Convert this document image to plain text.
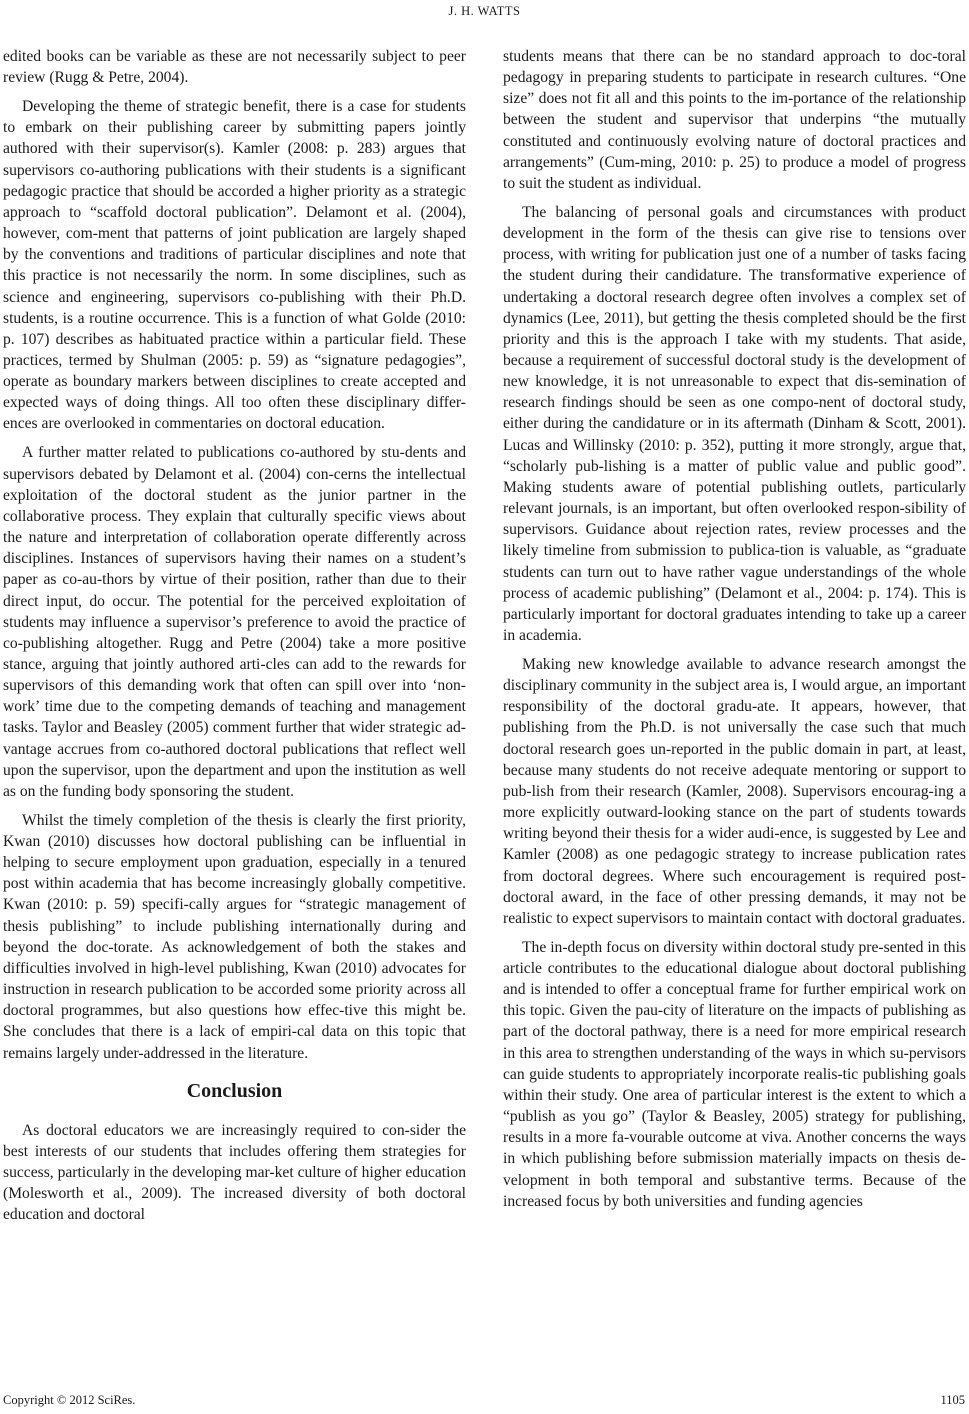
J. H. WATTS

edited books can be variable as these are not necessarily subject to peer review (Rugg & Petre, 2004).

Developing the theme of strategic benefit, there is a case for students to embark on their publishing career by submitting papers jointly authored with their supervisor(s). Kamler (2008: p. 283) argues that supervisors co-authoring publications with their students is a significant pedagogic practice that should be accorded a higher priority as a strategic approach to “scaffold doctoral publication”. Delamont et al. (2004), however, com-ment that patterns of joint publication are largely shaped by the conventions and traditions of particular disciplines and note that this practice is not necessarily the norm. In some disciplines, such as science and engineering, supervisors co-publishing with their Ph.D. students, is a routine occurrence. This is a function of what Golde (2010: p. 107) describes as habituated practice within a particular field. These practices, termed by Shulman (2005: p. 59) as “signature pedagogies”, operate as boundary markers between disciplines to create accepted and expected ways of doing things. All too often these disciplinary differ-ences are overlooked in commentaries on doctoral education.

A further matter related to publications co-authored by stu-dents and supervisors debated by Delamont et al. (2004) con-cerns the intellectual exploitation of the doctoral student as the junior partner in the collaborative process. They explain that culturally specific views about the nature and interpretation of collaboration operate differently across disciplines. Instances of supervisors having their names on a student’s paper as co-au-thors by virtue of their position, rather than due to their direct input, do occur. The potential for the perceived exploitation of students may influence a supervisor’s preference to avoid the practice of co-publishing altogether. Rugg and Petre (2004) take a more positive stance, arguing that jointly authored arti-cles can add to the rewards for supervisors of this demanding work that often can spill over into ‘non-work’ time due to the competing demands of teaching and management tasks. Taylor and Beasley (2005) comment further that wider strategic ad-vantage accrues from co-authored doctoral publications that reflect well upon the supervisor, upon the department and upon the institution as well as on the funding body sponsoring the student.

Whilst the timely completion of the thesis is clearly the first priority, Kwan (2010) discusses how doctoral publishing can be influential in helping to secure employment upon graduation, especially in a tenured post within academia that has become increasingly globally competitive. Kwan (2010: p. 59) specifi-cally argues for “strategic management of thesis publishing” to include publishing internationally during and beyond the doc-torate. As acknowledgement of both the stakes and difficulties involved in high-level publishing, Kwan (2010) advocates for instruction in research publication to be accorded some priority across all doctoral programmes, but also questions how effec-tive this might be. She concludes that there is a lack of empiri-cal data on this topic that remains largely under-addressed in the literature.

Conclusion

As doctoral educators we are increasingly required to con-sider the best interests of our students that includes offering them strategies for success, particularly in the developing mar-ket culture of higher education (Molesworth et al., 2009). The increased diversity of both doctoral education and doctoral

students means that there can be no standard approach to doc-toral pedagogy in preparing students to participate in research cultures. “One size” does not fit all and this points to the im-portance of the relationship between the student and supervisor that underpins “the mutually constituted and continuously evolving nature of doctoral practices and arrangements” (Cum-ming, 2010: p. 25) to produce a model of progress to suit the student as individual.

The balancing of personal goals and circumstances with product development in the form of the thesis can give rise to tensions over process, with writing for publication just one of a number of tasks facing the student during their candidature. The transformative experience of undertaking a doctoral research degree often involves a complex set of dynamics (Lee, 2011), but getting the thesis completed should be the first priority and this is the approach I take with my students. That aside, because a requirement of successful doctoral study is the development of new knowledge, it is not unreasonable to expect that dis-semination of research findings should be seen as one compo-nent of doctoral study, either during the candidature or in its aftermath (Dinham & Scott, 2001). Lucas and Willinsky (2010: p. 352), putting it more strongly, argue that, “scholarly pub-lishing is a matter of public value and public good”. Making students aware of potential publishing outlets, particularly relevant journals, is an important, but often overlooked respon-sibility of supervisors. Guidance about rejection rates, review processes and the likely timeline from submission to publica-tion is valuable, as “graduate students can turn out to have rather vague understandings of the whole process of academic publishing” (Delamont et al., 2004: p. 174). This is particularly important for doctoral graduates intending to take up a career in academia.

Making new knowledge available to advance research amongst the disciplinary community in the subject area is, I would argue, an important responsibility of the doctoral gradu-ate. It appears, however, that publishing from the Ph.D. is not universally the case such that much doctoral research goes un-reported in the public domain in part, at least, because many students do not receive adequate mentoring or support to pub-lish from their research (Kamler, 2008). Supervisors encourag-ing a more explicitly outward-looking stance on the part of students towards writing beyond their thesis for a wider audi-ence, is suggested by Lee and Kamler (2008) as one pedagogic strategy to increase publication rates from doctoral degrees. Where such encouragement is required post-doctoral award, in the face of other pressing demands, it may not be realistic to expect supervisors to maintain contact with doctoral graduates.

The in-depth focus on diversity within doctoral study pre-sented in this article contributes to the educational dialogue about doctoral publishing and is intended to offer a conceptual frame for further empirical work on this topic. Given the pau-city of literature on the impacts of publishing as part of the doctoral pathway, there is a need for more empirical research in this area to strengthen understanding of the ways in which su-pervisors can guide students to appropriately incorporate realis-tic publishing goals within their study. One area of particular interest is the extent to which a “publish as you go” (Taylor & Beasley, 2005) strategy for publishing, results in a more fa-vourable outcome at viva. Another concerns the ways in which publishing before submission materially impacts on thesis de-velopment in both temporal and substantive terms. Because of the increased focus by both universities and funding agencies

Copyright © 2012 SciRes.	1105
